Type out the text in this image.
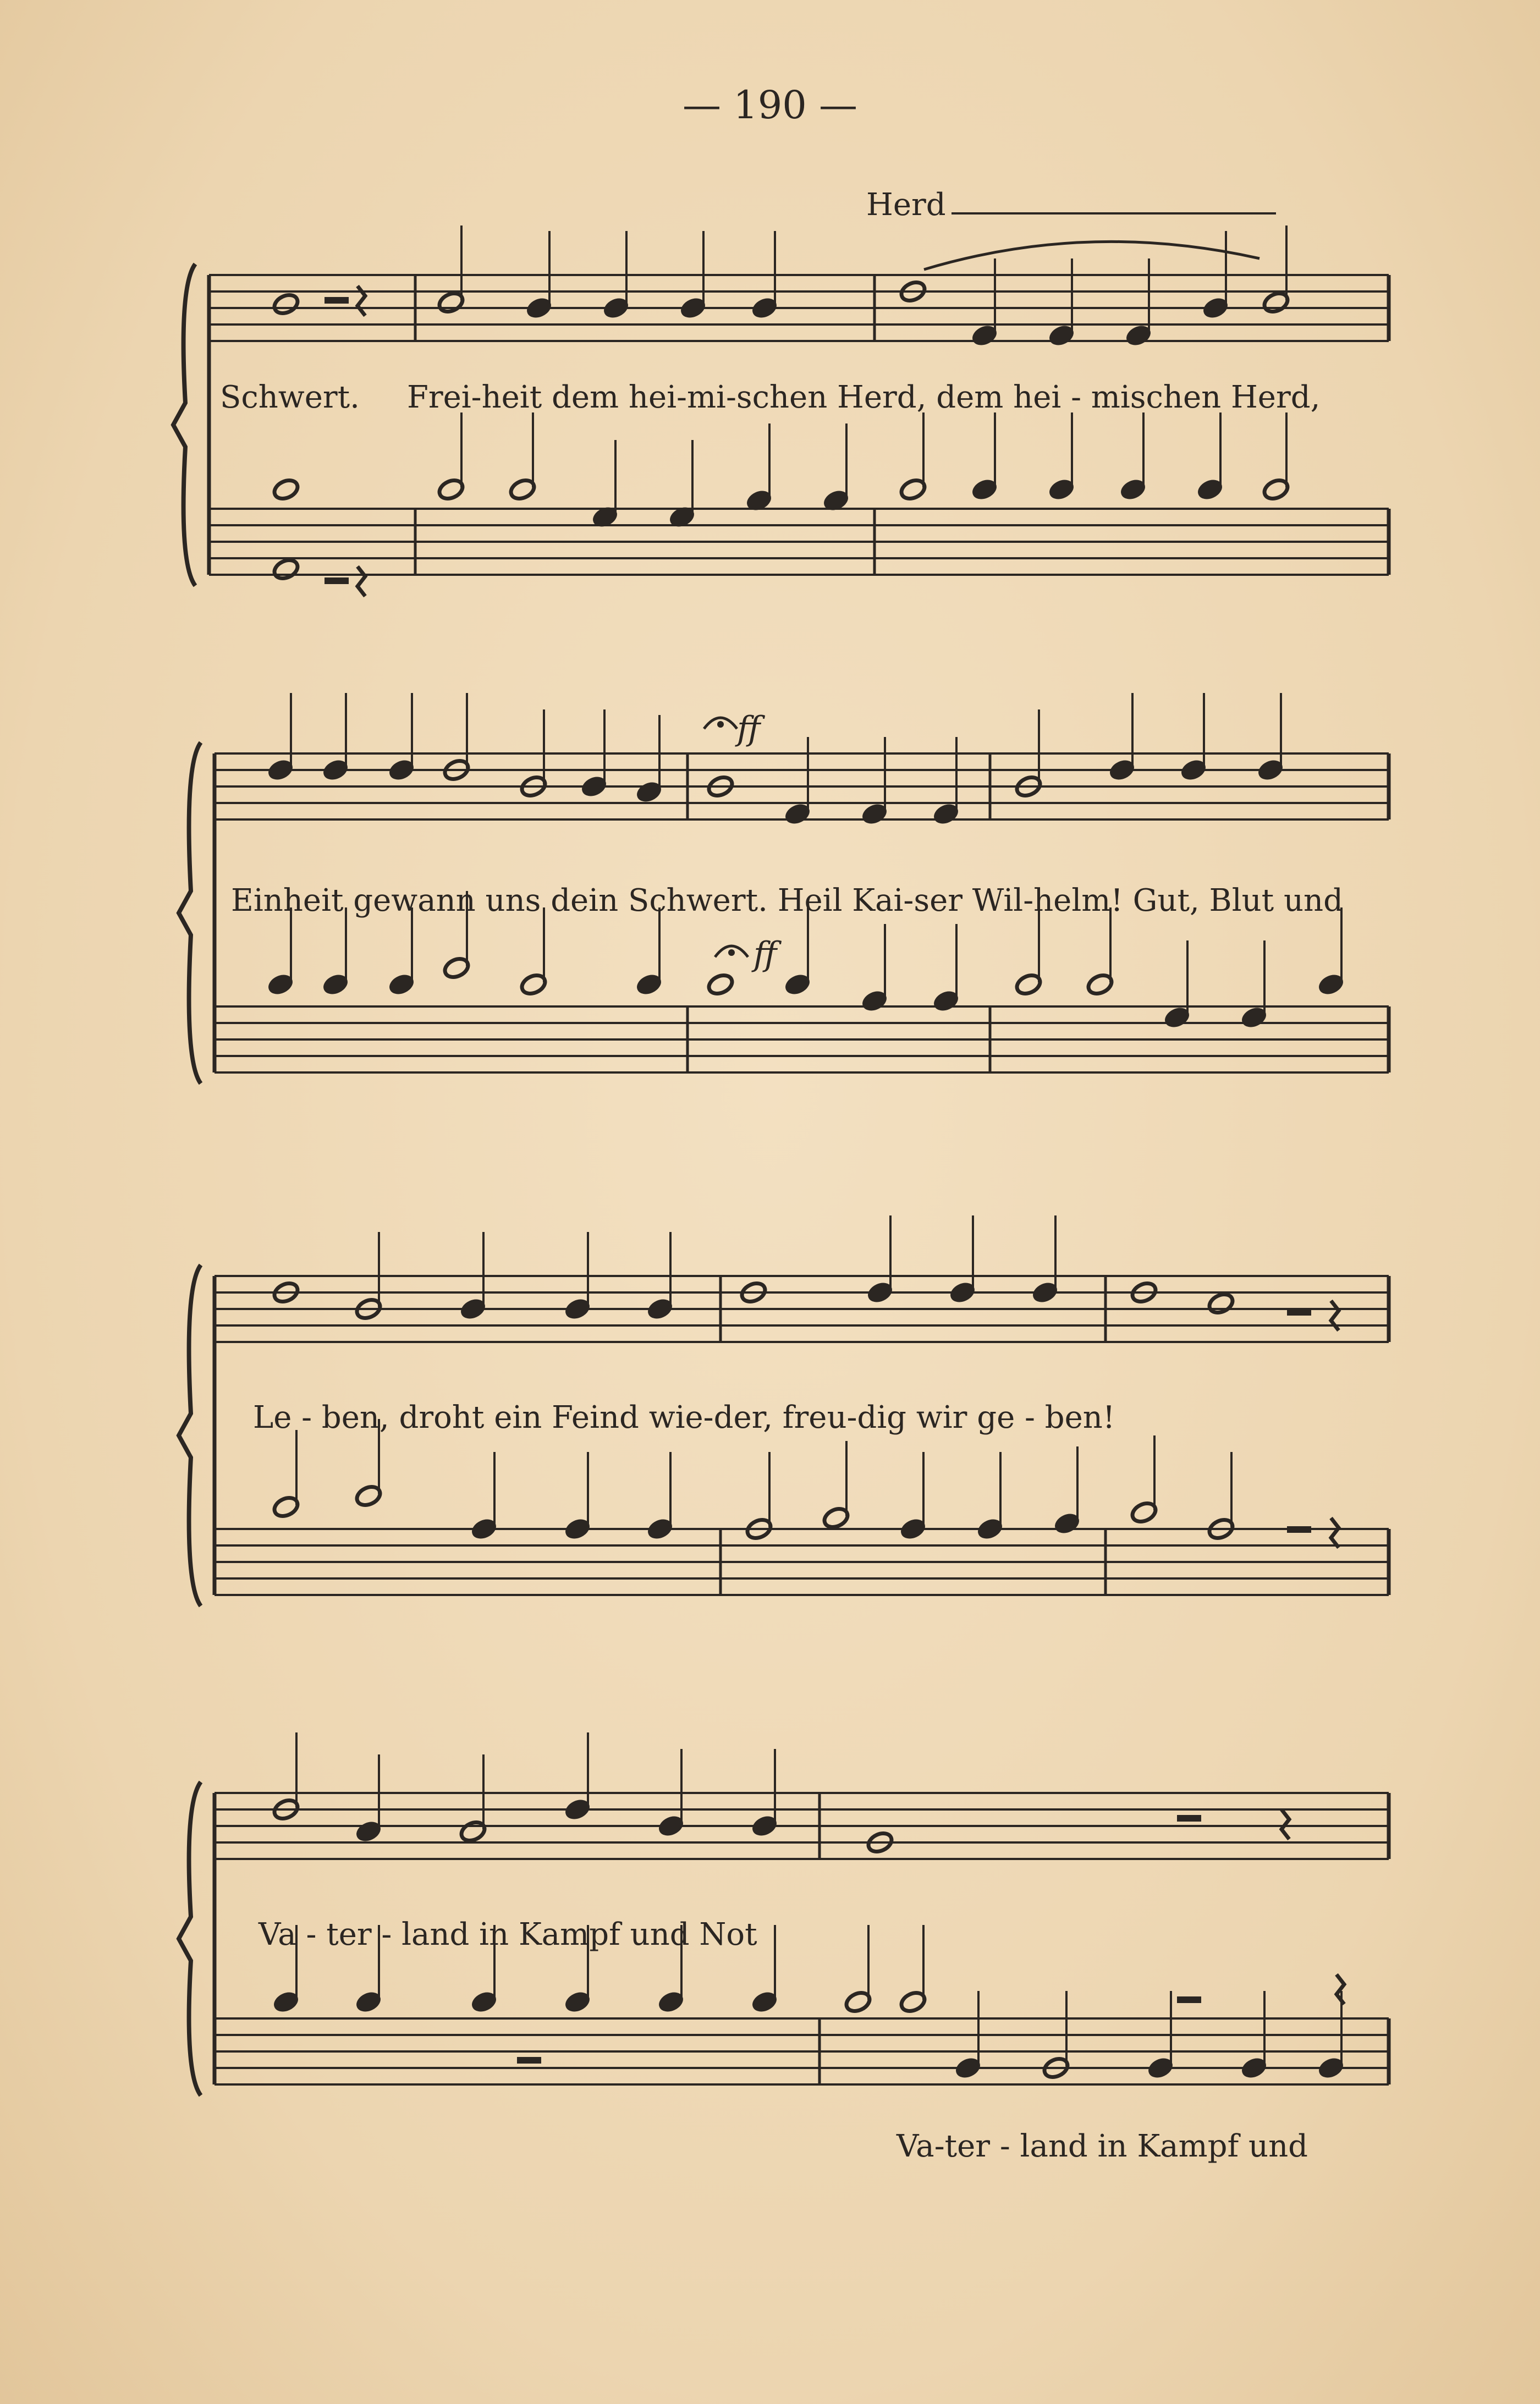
— 190 —
Herd
Schwert. Frei-heit dem hei-mi-schen Herd, dem hei - mischen Herd,
Einheit gewann uns dein Schwert. Heil Kai-ser Wil-helm! Gut, Blut und
Le - ben, droht ein Feind wie-der, freu-dig wir ge - ben!
Va - ter - land in Kampf und Not
Va-ter - land in Kampf und
ff
ff
